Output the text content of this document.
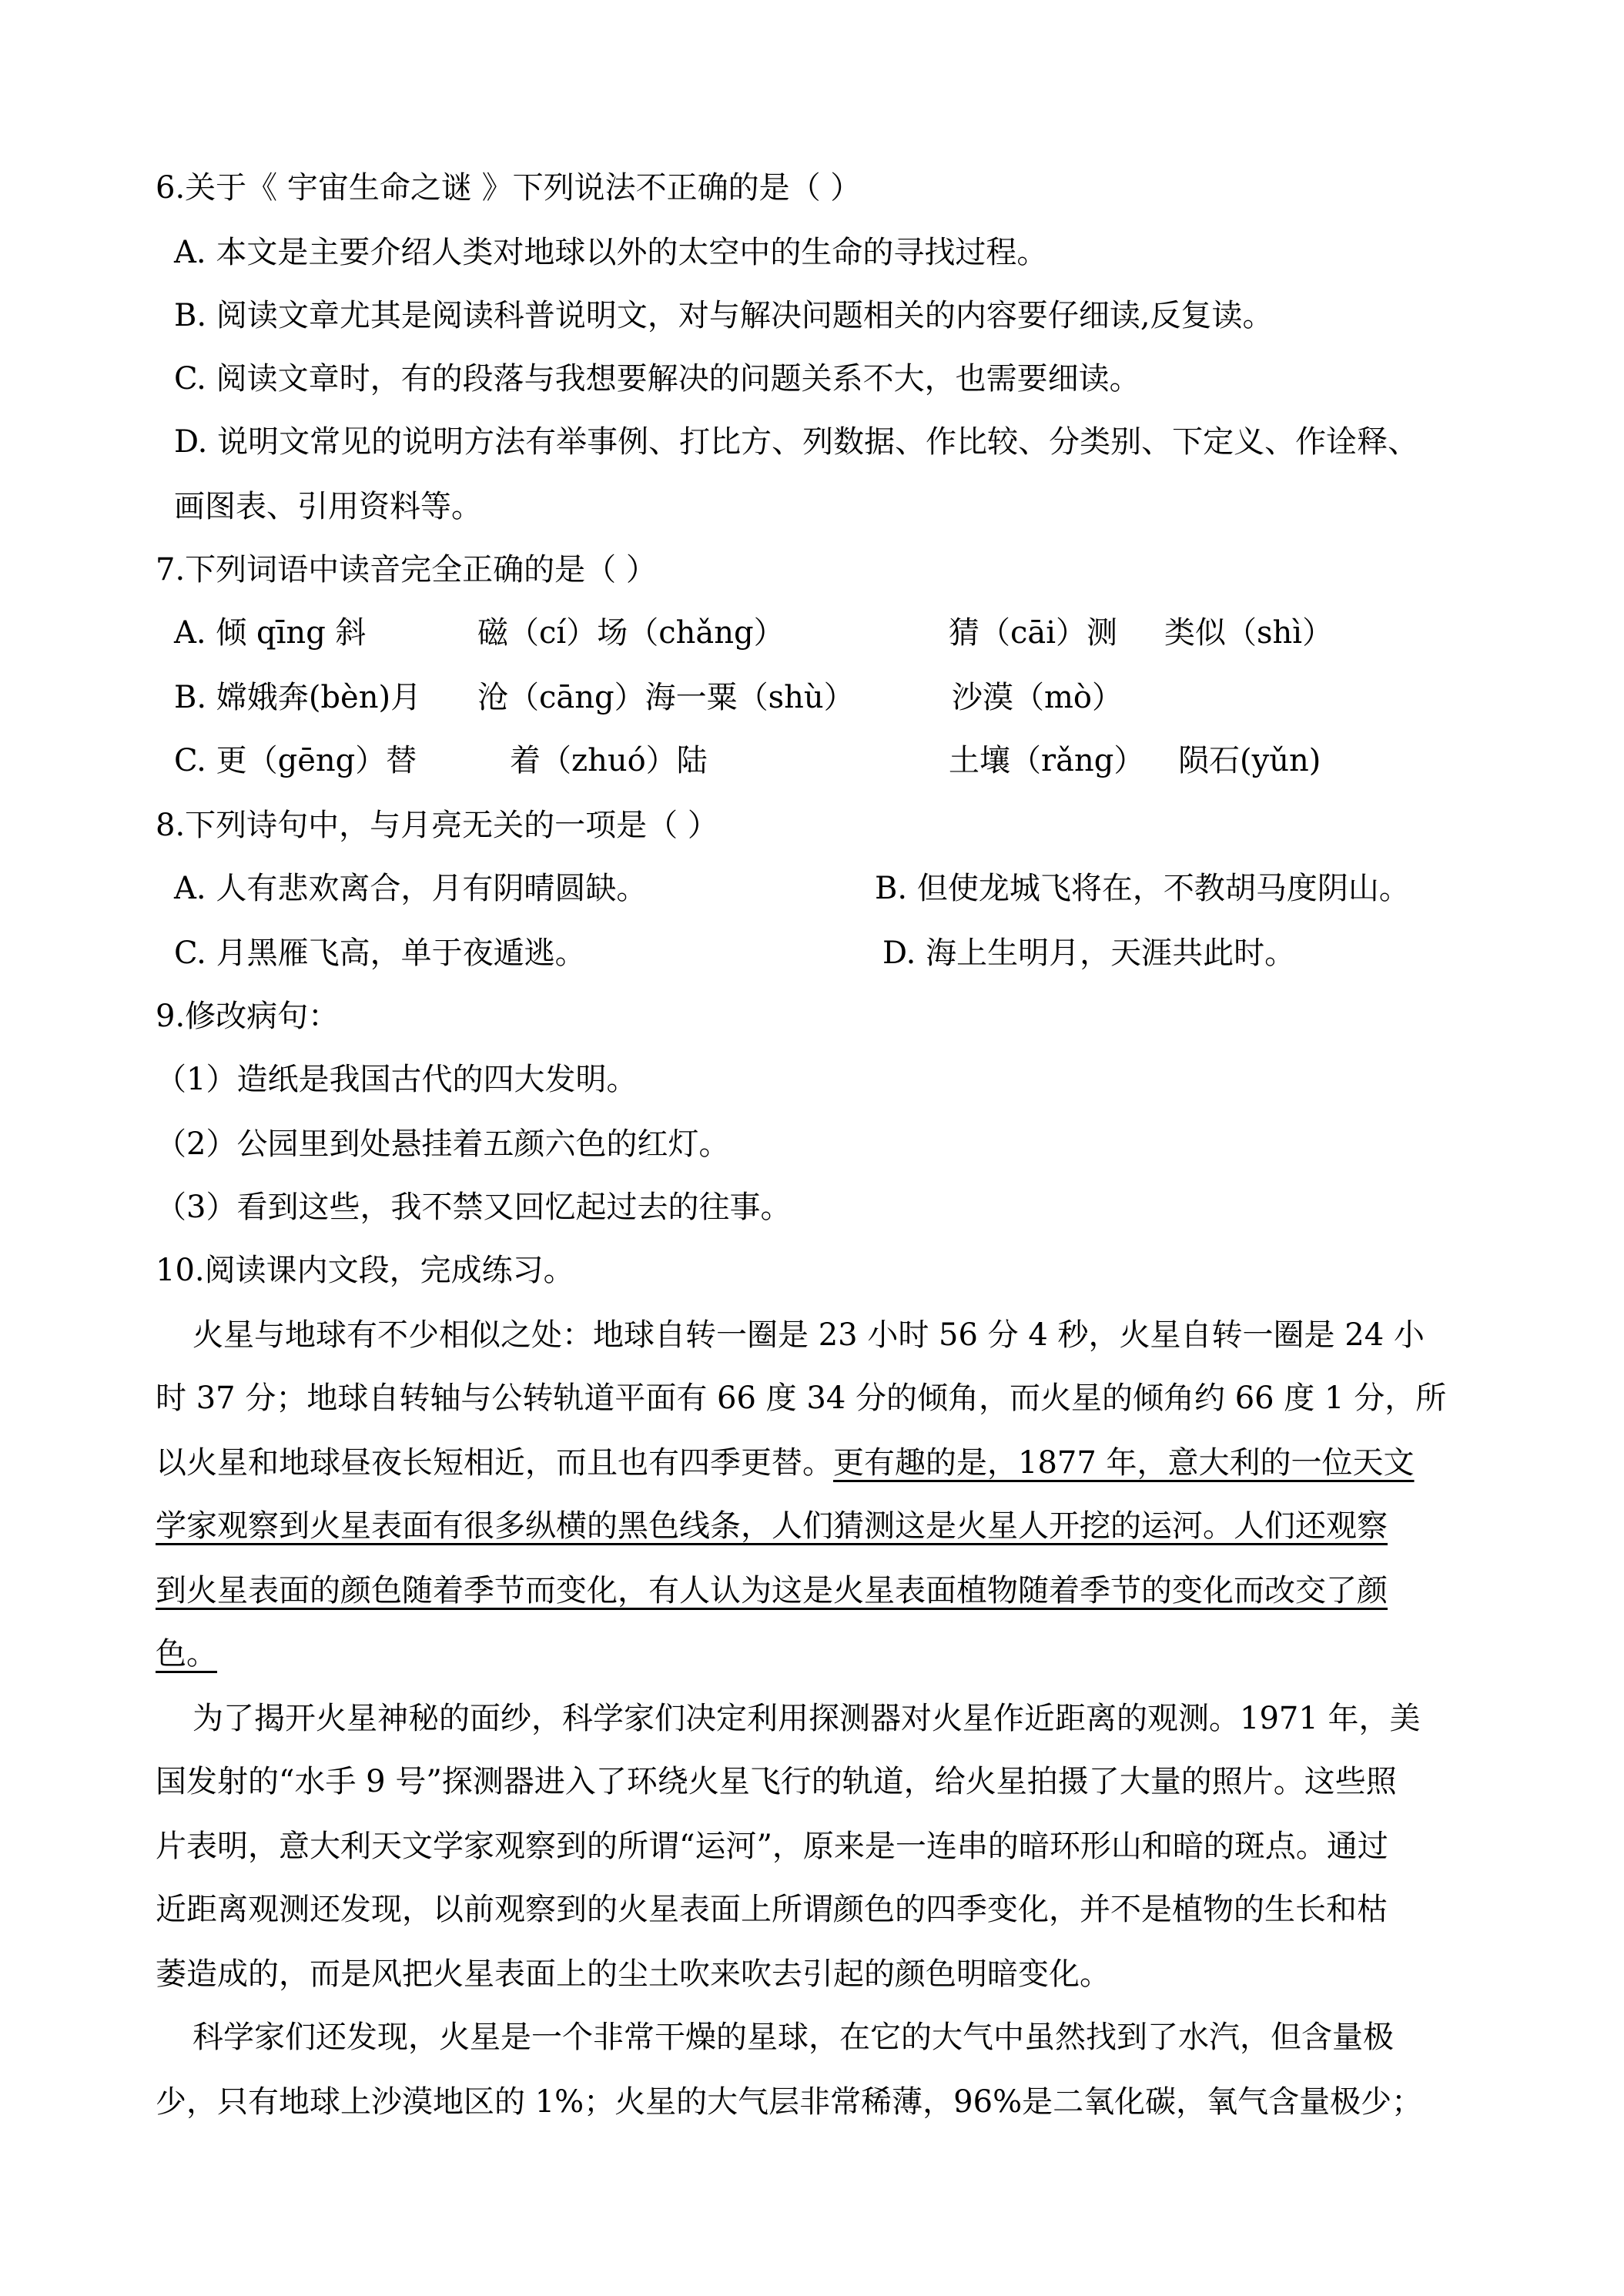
6.关于《 宇宙生命之谜 》下列说法不正确的是（ ）
A. 本文是主要介绍人类对地球以外的太空中的生命的寻找过程。
B. 阅读文章尤其是阅读科普说明文，对与解决问题相关的内容要仔细读,反复读。
C. 阅读文章时，有的段落与我想要解决的问题关系不大，也需要细读。
D. 说明文常见的说明方法有举事例、打比方、列数据、作比较、分类别、下定义、作诠释、
画图表、引用资料等。
7.下列词语中读音完全正确的是（ ）
A. 倾 qīng 斜	磁（cí）场（chǎng）	猜（cāi）测 类似（shì）
B. 嫦娥奔(bèn)月 沧（cāng）海一粟（shù）	沙漠（mò）
C. 更（gēng）替	着（zhuó）陆	土壤（rǎng） 陨石(yǔn)
8.下列诗句中，与月亮无关的一项是（ ）
A. 人有悲欢离合，月有阴晴圆缺。	B. 但使龙城飞将在，不教胡马度阴山。
C. 月黑雁飞高，单于夜遁逃。	D. 海上生明月，天涯共此时。
9.修改病句：
（1）造纸是我国古代的四大发明。
（2）公园里到处悬挂着五颜六色的红灯。
（3）看到这些，我不禁又回忆起过去的往事。
10.阅读课内文段，完成练习。
火星与地球有不少相似之处：地球自转一圈是 23 小时 56 分 4 秒，火星自转一圈是 24 小
时 37 分；地球自转轴与公转轨道平面有 66 度 34 分的倾角，而火星的倾角约 66 度 1 分，所
以火星和地球昼夜长短相近，而且也有四季更替。更有趣的是，1877 年，意大利的一位天文
学家观察到火星表面有很多纵横的黑色线条，人们猜测这是火星人开挖的运河。人们还观察
到火星表面的颜色随着季节而变化，有人认为这是火星表面植物随着季节的变化而改交了颜
色。
为了揭开火星神秘的面纱，科学家们决定利用探测器对火星作近距离的观测。1971 年，美
国发射的“水手 9 号”探测器进入了环绕火星飞行的轨道，给火星拍摄了大量的照片。这些照
片表明，意大利天文学家观察到的所谓“运河”，原来是一连串的暗环形山和暗的斑点。通过
近距离观测还发现，以前观察到的火星表面上所谓颜色的四季变化，并不是植物的生长和枯
萎造成的，而是风把火星表面上的尘土吹来吹去引起的颜色明暗变化。
科学家们还发现，火星是一个非常干燥的星球，在它的大气中虽然找到了水汽，但含量极
少，只有地球上沙漠地区的 1%；火星的大气层非常稀薄，96%是二氧化碳，氧气含量极少；
